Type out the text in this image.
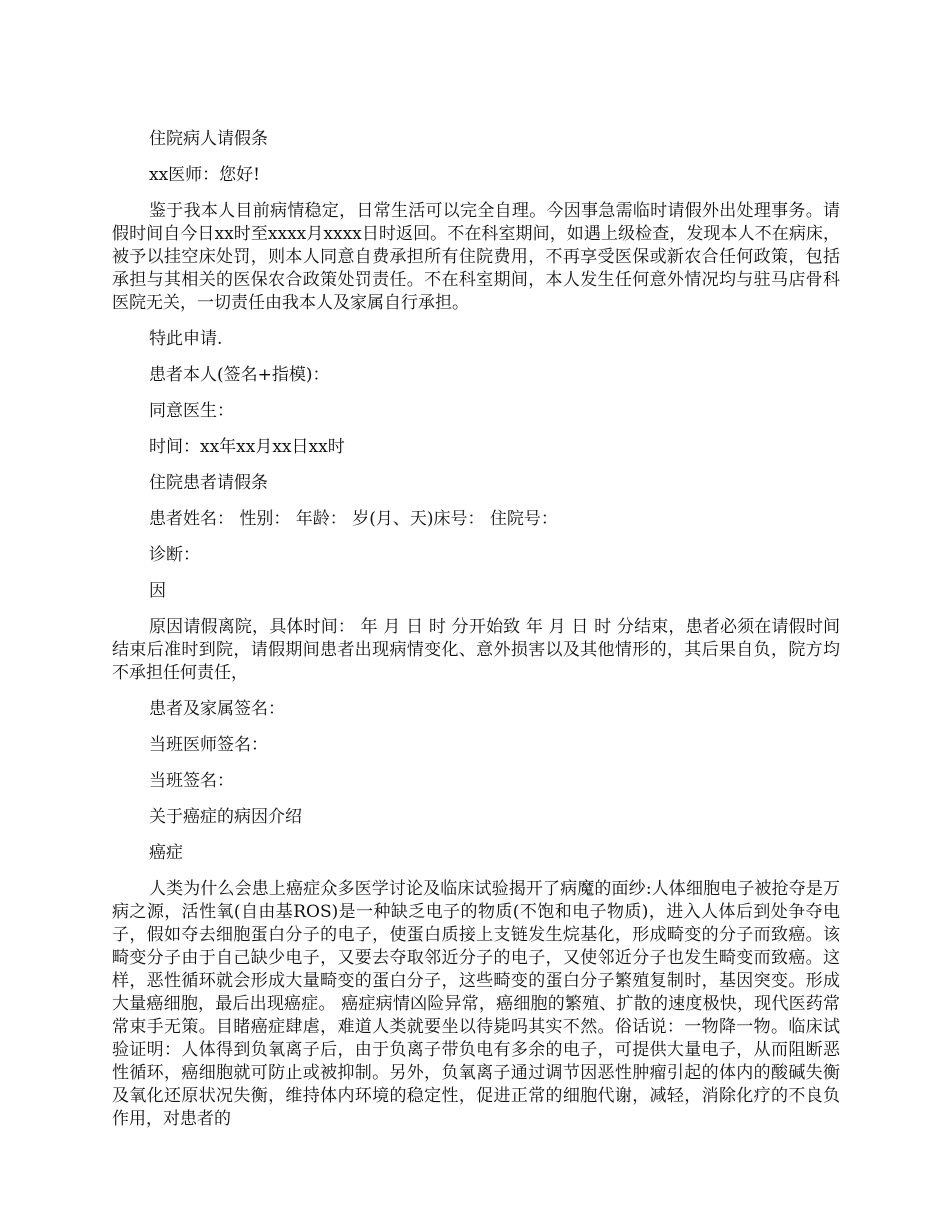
住院病人请假条

xx医师：您好!

鉴于我本人目前病情稳定，日常生活可以完全自理。今因事急需临时请假外出处理事务。请假时间自今日xx时至xxxx月xxxx日时返回。不在科室期间，如遇上级检查，发现本人不在病床，被予以挂空床处罚，则本人同意自费承担所有住院费用，不再享受医保或新农合任何政策，包括承担与其相关的医保农合政策处罚责任。不在科室期间，本人发生任何意外情况均与驻马店骨科医院无关，一切责任由我本人及家属自行承担。

特此申请.

患者本人(签名+指模)：

同意医生：

时间：xx年xx月xx日xx时

住院患者请假条

患者姓名： 性别： 年龄： 岁(月、天)床号： 住院号：

诊断：

因

原因请假离院，具体时间： 年 月 日 时 分开始致 年 月 日 时 分结束，患者必须在请假时间结束后准时到院，请假期间患者出现病情变化、意外损害以及其他情形的，其后果自负，院方均不承担任何责任，

患者及家属签名：

当班医师签名：

当班签名：

关于癌症的病因介绍

癌症

人类为什么会患上癌症众多医学讨论及临床试验揭开了病魔的面纱:人体细胞电子被抢夺是万病之源，活性氧(自由基ROS)是一种缺乏电子的物质(不饱和电子物质)，进入人体后到处争夺电子，假如夺去细胞蛋白分子的电子，使蛋白质接上支链发生烷基化，形成畸变的分子而致癌。该畸变分子由于自己缺少电子，又要去夺取邻近分子的电子，又使邻近分子也发生畸变而致癌。这样，恶性循环就会形成大量畸变的蛋白分子，这些畸变的蛋白分子繁殖复制时，基因突变。形成大量癌细胞，最后出现癌症。 癌症病情凶险异常，癌细胞的繁殖、扩散的速度极快，现代医药常常束手无策。目睹癌症肆虐，难道人类就要坐以待毙吗其实不然。俗话说：一物降一物。临床试验证明：人体得到负氧离子后，由于负离子带负电有多余的电子，可提供大量电子，从而阻断恶性循环，癌细胞就可防止或被抑制。另外，负氧离子通过调节因恶性肿瘤引起的体内的酸碱失衡及氧化还原状况失衡，维持体内环境的稳定性，促进正常的细胞代谢，减轻，消除化疗的不良负作用，对患者的
